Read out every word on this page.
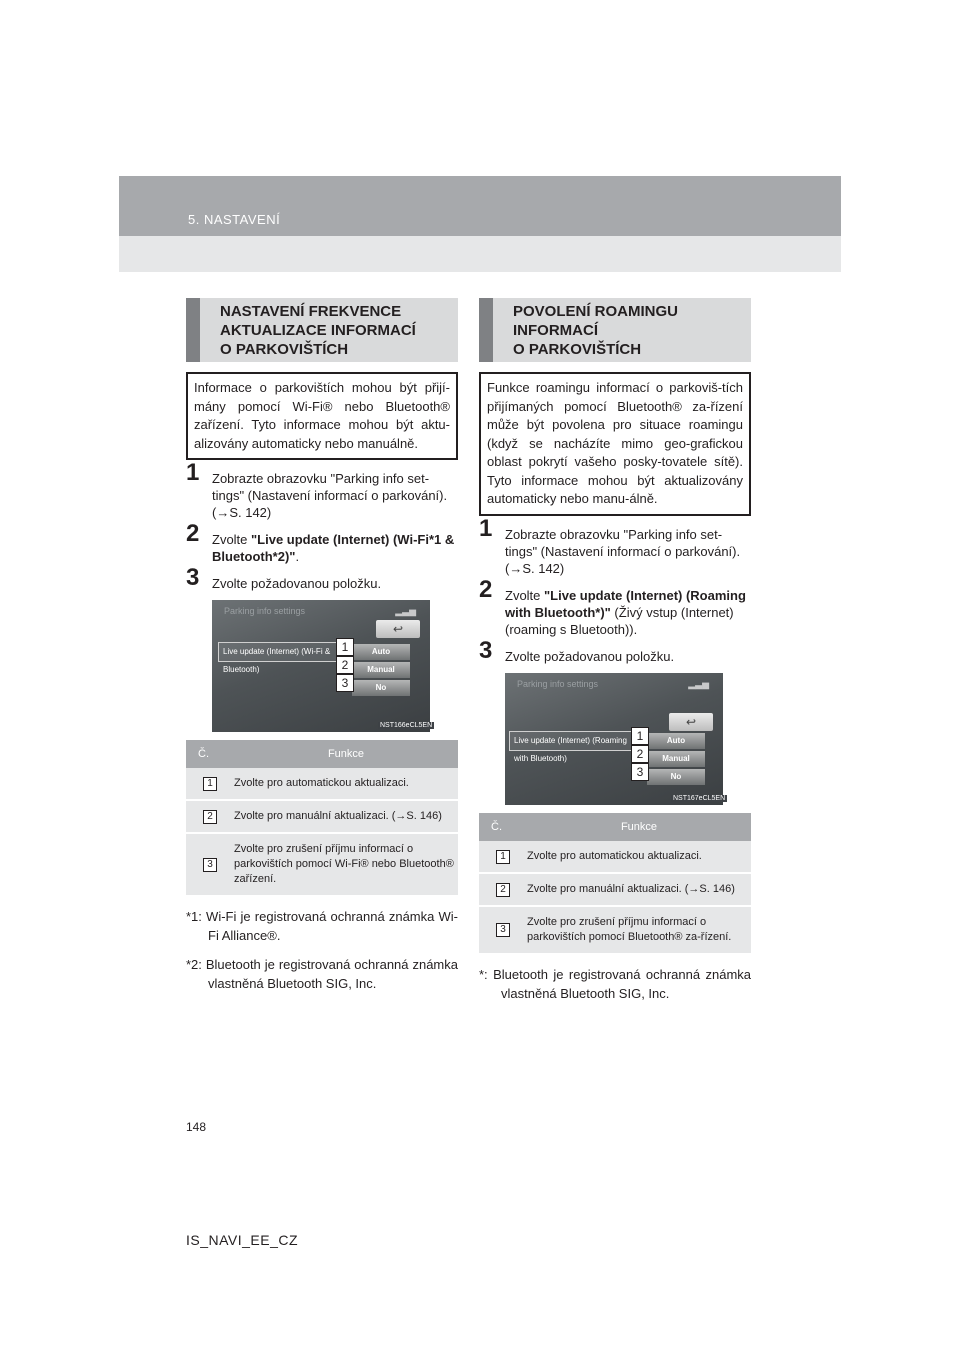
5. NASTAVENÍ
NASTAVENÍ FREKVENCE
AKTUALIZACE INFORMACÍ
O PARKOVIŠTÍCH
Informace o parkovištích mohou být přijí-mány pomocí Wi-Fi® nebo Bluetooth® zařízení. Tyto informace mohou být aktu-alizovány automaticky nebo manuálně.
1 Zobrazte obrazovku "Parking info set-tings" (Nastavení informací o parkování). (→S. 142)
2 Zvolte "Live update (Internet) (Wi-Fi*1 & Bluetooth*2)".
3 Zvolte požadovanou položku.
Parking info settings	▂▃▅
↩
Live update (Internet) (Wi-Fi & Bluetooth)
Auto
Manual
No
1
2
3
NST166eCL5EN
Č.	Funkce
1	Zvolte pro automatickou aktualizaci.
2	Zvolte pro manuální aktualizaci. (→S. 146)
3	Zvolte pro zrušení příjmu informací o parkovištích pomocí Wi-Fi® nebo Bluetooth® zařízení.
*1: Wi-Fi je registrovaná ochranná známka Wi-Fi Alliance®.
*2: Bluetooth je registrovaná ochranná známka vlastněná Bluetooth SIG, Inc.
POVOLENÍ ROAMINGU
INFORMACÍ
O PARKOVIŠTÍCH
Funkce roamingu informací o parkoviš-tích přijímaných pomocí Bluetooth® za-řízení může být povolena pro situace roamingu (když se nacházíte mimo geo-grafickou oblast pokrytí vašeho posky-tovatele sítě). Tyto informace mohou být aktualizovány automaticky nebo manu-álně.
1 Zobrazte obrazovku "Parking info set-tings" (Nastavení informací o parkování). (→S. 142)
2 Zvolte "Live update (Internet) (Roaming with Bluetooth*)" (Živý vstup (Internet) (roaming s Bluetooth)).
3 Zvolte požadovanou položku.
Parking info settings	▂▃▅
↩
Live update (Internet) (Roaming with Bluetooth)
Auto
Manual
No
1
2
3
NST167eCL5EN
Č.	Funkce
1	Zvolte pro automatickou aktualizaci.
2	Zvolte pro manuální aktualizaci. (→S. 146)
3	Zvolte pro zrušení příjmu informací o parkovištích pomocí Bluetooth® za-řízení.
*: Bluetooth je registrovaná ochranná známka vlastněná Bluetooth SIG, Inc.
148
IS_NAVI_EE_CZ
